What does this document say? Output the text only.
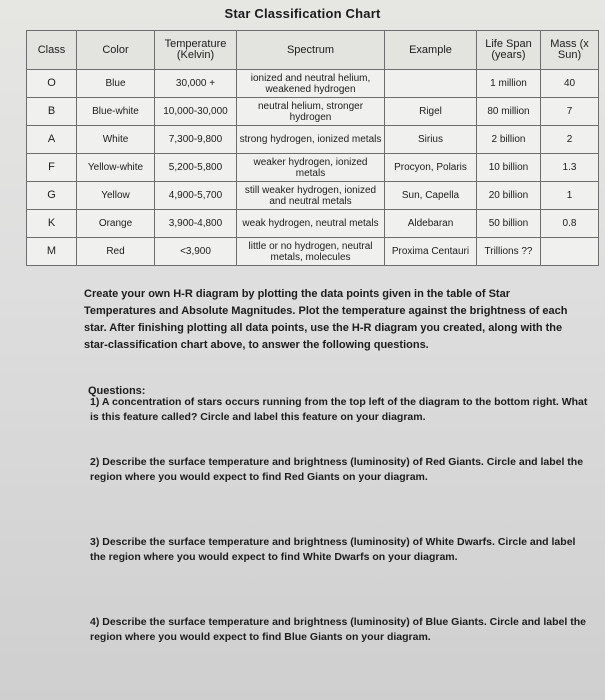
Star Classification Chart
Class	Color	Temperature (Kelvin)	Spectrum	Example	Life Span (years)	Mass (x Sun)
O	Blue	30,000 +	ionized and neutral helium, weakened hydrogen		1 million	40
B	Blue-white	10,000-30,000	neutral helium, stronger hydrogen	Rigel	80 million	7
A	White	7,300-9,800	strong hydrogen, ionized metals	Sirius	2 billion	2
F	Yellow-white	5,200-5,800	weaker hydrogen, ionized metals	Procyon, Polaris	10 billion	1.3
G	Yellow	4,900-5,700	still weaker hydrogen, ionized and neutral metals	Sun, Capella	20 billion	1
K	Orange	3,900-4,800	weak hydrogen, neutral metals	Aldebaran	50 billion	0.8
M	Red	<3,900	little or no hydrogen, neutral metals, molecules	Proxima Centauri	Trillions ??	
Create your own H-R diagram by plotting the data points given in the table of Star Temperatures and Absolute Magnitudes. Plot the temperature against the brightness of each star. After finishing plotting all data points, use the H-R diagram you created, along with the star-classification chart above, to answer the following questions.
Questions:
1) A concentration of stars occurs running from the top left of the diagram to the bottom right. What is this feature called? Circle and label this feature on your diagram.
2) Describe the surface temperature and brightness (luminosity) of Red Giants. Circle and label the region where you would expect to find Red Giants on your diagram.
3) Describe the surface temperature and brightness (luminosity) of White Dwarfs. Circle and label the region where you would expect to find White Dwarfs on your diagram.
4) Describe the surface temperature and brightness (luminosity) of Blue Giants. Circle and label the region where you would expect to find Blue Giants on your diagram.
